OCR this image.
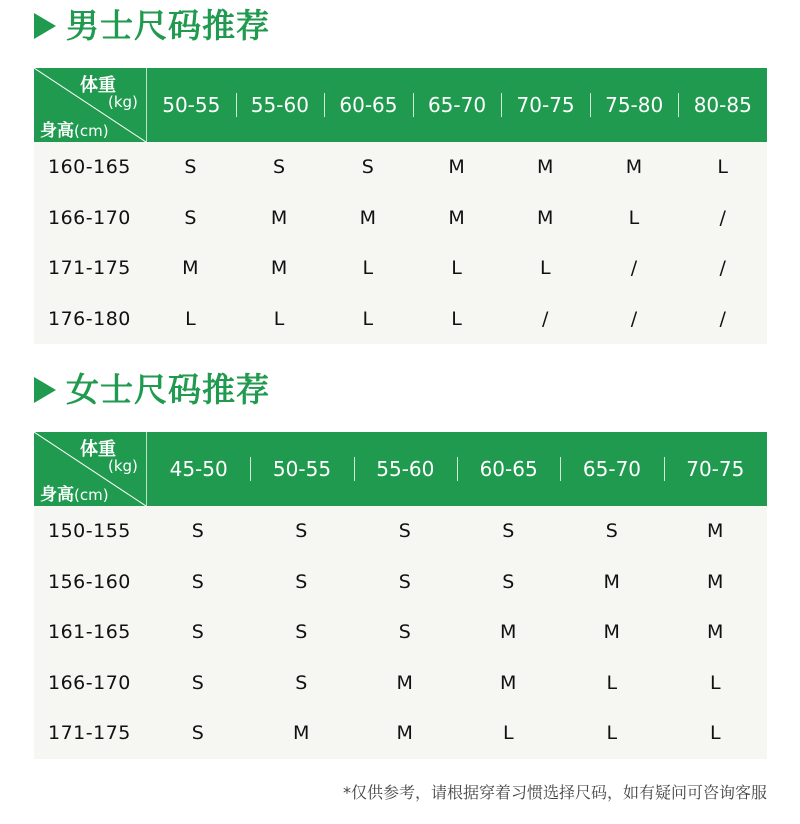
男士尺码推荐
体重
(kg)
身高(cm)
50-55	55-60	60-65	65-70	70-75	75-80	80-85
160-165	S	S	S	M	M	M	L
166-170	S	M	M	M	M	L	/
171-175	M	M	L	L	L	/	/
176-180	L	L	L	L	/	/	/
女士尺码推荐
体重
(kg)
身高(cm)
45-50	50-55	55-60	60-65	65-70	70-75
150-155	S	S	S	S	S	M
156-160	S	S	S	S	M	M
161-165	S	S	S	M	M	M
166-170	S	S	M	M	L	L
171-175	S	M	M	L	L	L
*仅供参考，请根据穿着习惯选择尺码，如有疑问可咨询客服
